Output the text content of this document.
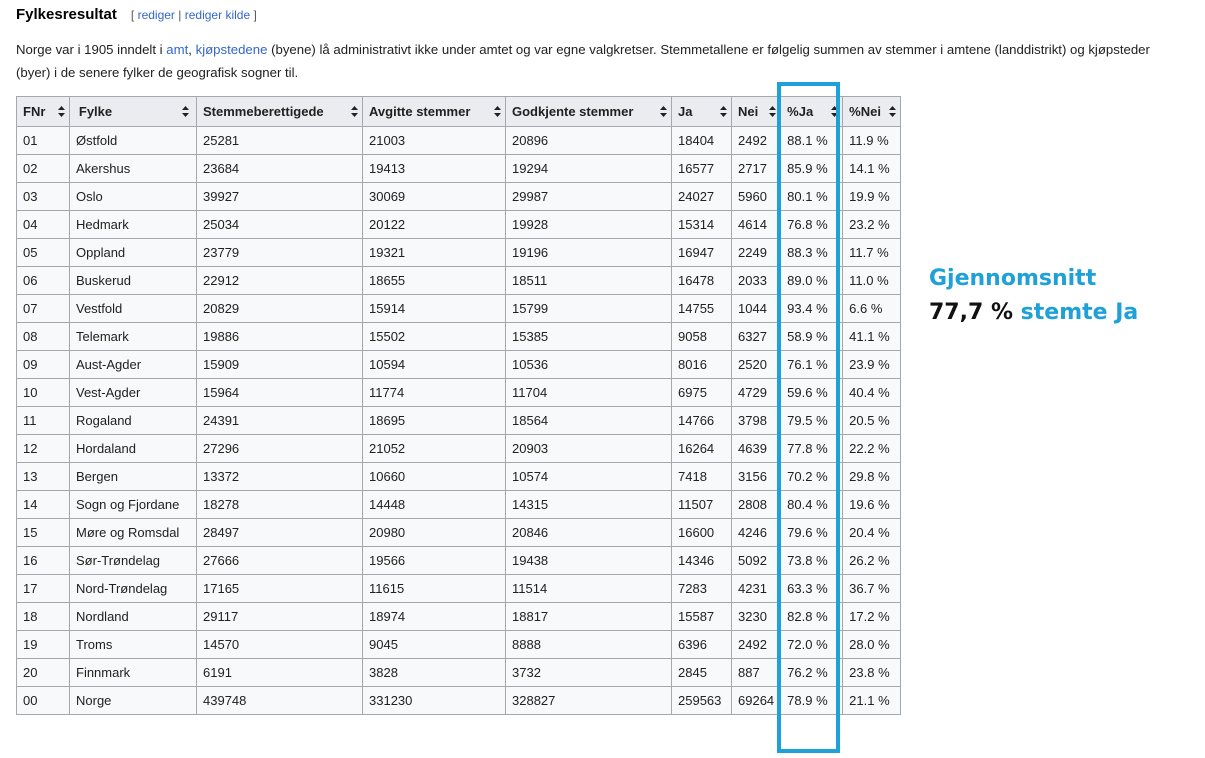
Fylkesresultat [ rediger | rediger kilde ]

Norge var i 1905 inndelt i amt, kjøpstedene (byene) lå administrativt ikke under amtet og var egne valgkretser. Stemmetallene er følgelig summen av stemmer i amtene (landdistrikt) og kjøpsteder (byer) i de senere fylker de geografisk sogner til.

FNr	Fylke	Stemmeberettigede	Avgitte stemmer	Godkjente stemmer	Ja	Nei	%Ja	%Nei

01	Østfold	25281	21003	20896	18404	2492	88.1 %	11.9 %
02	Akershus	23684	19413	19294	16577	2717	85.9 %	14.1 %
03	Oslo	39927	30069	29987	24027	5960	80.1 %	19.9 %
04	Hedmark	25034	20122	19928	15314	4614	76.8 %	23.2 %
05	Oppland	23779	19321	19196	16947	2249	88.3 %	11.7 %
06	Buskerud	22912	18655	18511	16478	2033	89.0 %	11.0 %
07	Vestfold	20829	15914	15799	14755	1044	93.4 %	6.6 %
08	Telemark	19886	15502	15385	9058	6327	58.9 %	41.1 %
09	Aust-Agder	15909	10594	10536	8016	2520	76.1 %	23.9 %
10	Vest-Agder	15964	11774	11704	6975	4729	59.6 %	40.4 %
11	Rogaland	24391	18695	18564	14766	3798	79.5 %	20.5 %
12	Hordaland	27296	21052	20903	16264	4639	77.8 %	22.2 %
13	Bergen	13372	10660	10574	7418	3156	70.2 %	29.8 %
14	Sogn og Fjordane	18278	14448	14315	11507	2808	80.4 %	19.6 %
15	Møre og Romsdal	28497	20980	20846	16600	4246	79.6 %	20.4 %
16	Sør-Trøndelag	27666	19566	19438	14346	5092	73.8 %	26.2 %
17	Nord-Trøndelag	17165	11615	11514	7283	4231	63.3 %	36.7 %
18	Nordland	29117	18974	18817	15587	3230	82.8 %	17.2 %
19	Troms	14570	9045	8888	6396	2492	72.0 %	28.0 %
20	Finnmark	6191	3828	3732	2845	887	76.2 %	23.8 %
00	Norge	439748	331230	328827	259563	69264	78.9 %	21.1 %
Gjennomsnitt
77,7 % stemte Ja
